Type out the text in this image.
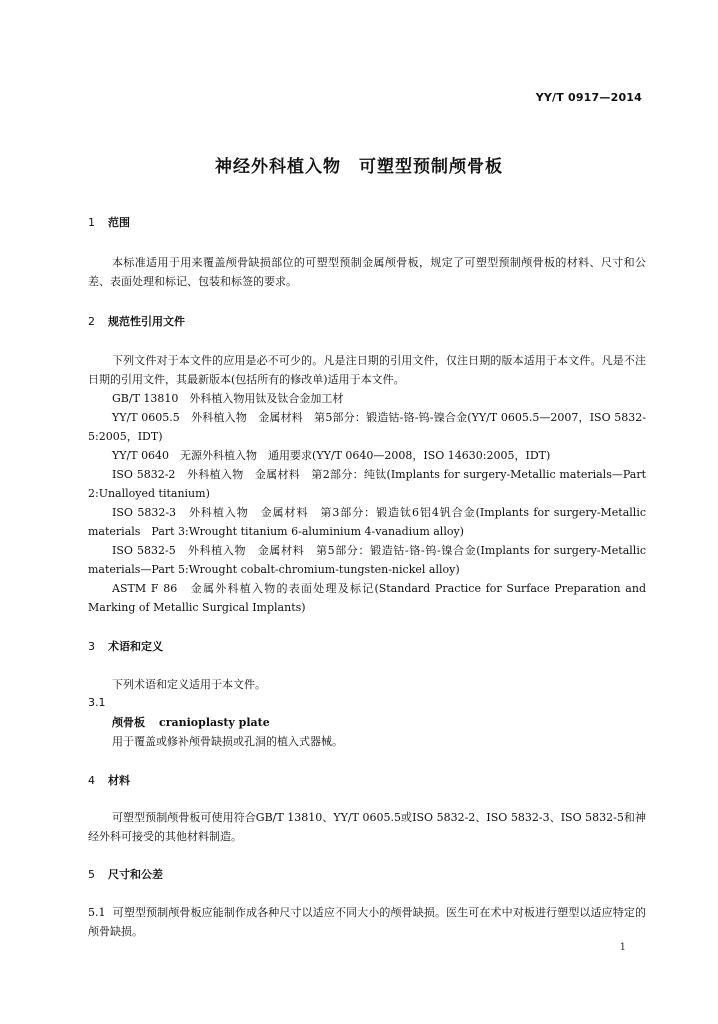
YY/T 0917—2014
神经外科植入物　可塑型预制颅骨板
1 范围
本标准适用于用来覆盖颅骨缺损部位的可塑型预制金属颅骨板，规定了可塑型预制颅骨板的材料、尺寸和公差、表面处理和标记、包装和标签的要求。
2 规范性引用文件
下列文件对于本文件的应用是必不可少的。凡是注日期的引用文件，仅注日期的版本适用于本文件。凡是不注日期的引用文件，其最新版本(包括所有的修改单)适用于本文件。
GB/T 13810　外科植入物用钛及钛合金加工材
YY/T 0605.5　外科植入物　金属材料　第5部分：锻造钴-铬-钨-镍合金(YY/T 0605.5—2007，ISO 5832-5:2005，IDT)
YY/T 0640　无源外科植入物　通用要求(YY/T 0640—2008，ISO 14630:2005，IDT)
ISO 5832-2　外科植入物　金属材料　第2部分：纯钛(Implants for surgery-Metallic materials—Part 2:Unalloyed titanium)
ISO 5832-3　外科植入物　金属材料　第3部分：锻造钛6铝4钒合金(Implants for surgery-Metallic materials　Part 3:Wrought titanium 6-aluminium 4-vanadium alloy)
ISO 5832-5　外科植入物　金属材料　第5部分：锻造钴-铬-钨-镍合金(Implants for surgery-Metallic materials—Part 5:Wrought cobalt-chromium-tungsten-nickel alloy)
ASTM F 86　金属外科植入物的表面处理及标记(Standard Practice for Surface Preparation and Marking of Metallic Surgical Implants)
3 术语和定义
下列术语和定义适用于本文件。
3.1
颅骨板 cranioplasty plate
用于覆盖或修补颅骨缺损或孔洞的植入式器械。
4 材料
可塑型预制颅骨板可使用符合GB/T 13810、YY/T 0605.5或ISO 5832-2、ISO 5832-3、ISO 5832-5和神经外科可接受的其他材料制造。
5 尺寸和公差
5.1 可塑型预制颅骨板应能制作成各种尺寸以适应不同大小的颅骨缺损。医生可在术中对板进行塑型以适应特定的颅骨缺损。
1
